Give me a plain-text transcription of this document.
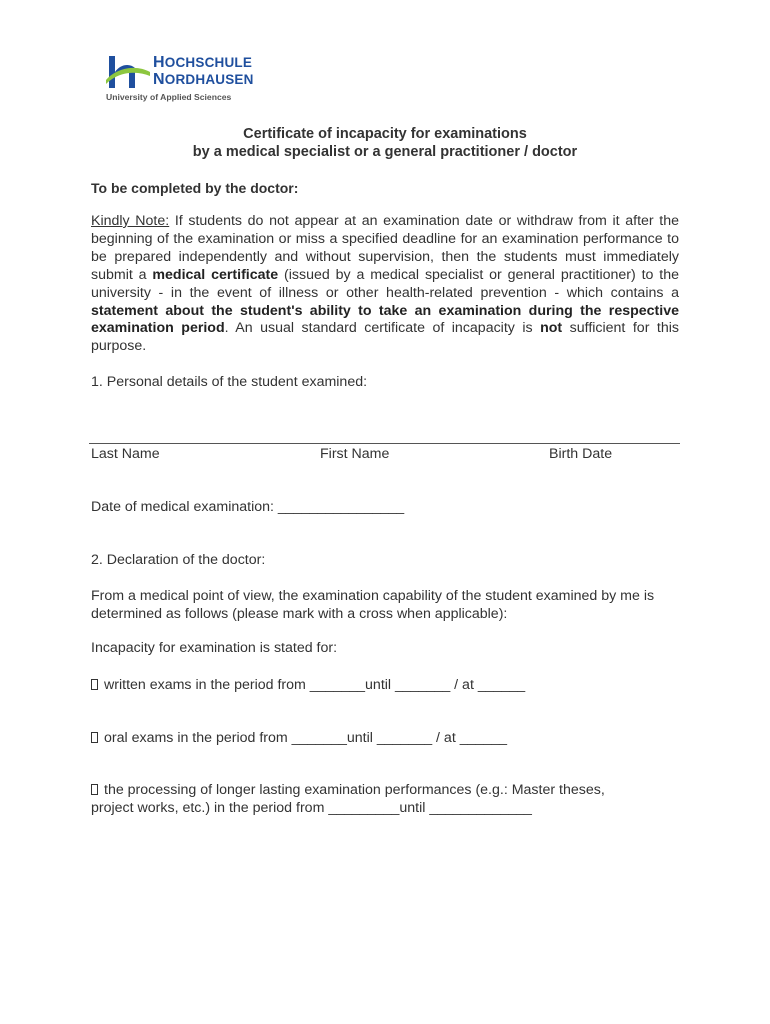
HOCHSCHULE
NORDHAUSEN
University of Applied Sciences
Certificate of incapacity for examinations
by a medical specialist or a general practitioner / doctor
To be completed by the doctor:
Kindly Note: If students do not appear at an examination date or withdraw from it after the beginning of the examination or miss a specified deadline for an examination performance to be prepared independently and without supervision, then the students must immediately submit a medical certificate (issued by a medical specialist or general practitioner) to the university - in the event of illness or other health-related prevention - which contains a statement about the student's ability to take an examination during the respective examination period. An usual standard certificate of incapacity is not sufficient for this purpose.
1. Personal details of the student examined:
Last Name	First Name	Birth Date
Date of medical examination: ________________
2. Declaration of the doctor:
From a medical point of view, the examination capability of the student examined by me is determined as follows (please mark with a cross when applicable):
Incapacity for examination is stated for:
written exams in the period from _______until _______ / at ______
oral exams in the period from _______until _______ / at ______
the processing of longer lasting examination performances (e.g.: Master theses, project works, etc.) in the period from _________until _____________
